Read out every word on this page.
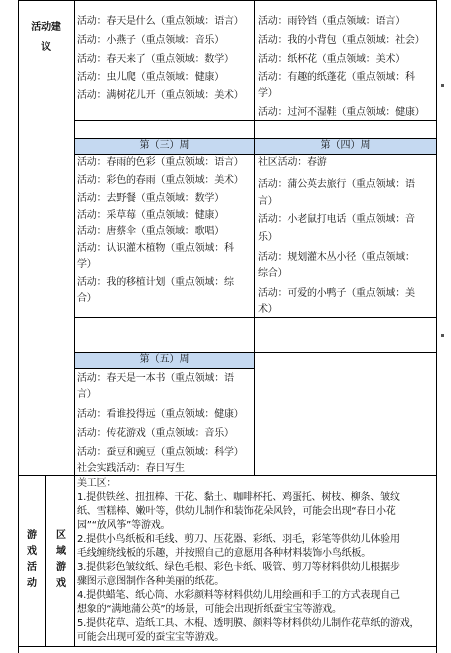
活动建议
游戏活动
区域游戏
第（三）周	第（四）周
第（五）周
活动：春天是什么（重点领域：语言）
活动：小燕子（重点领域：音乐）
活动：春天来了（重点领域：数学）
活动：虫儿爬（重点领域：健康）
活动：满树花儿开（重点领域：美术）
活动：雨铃铛（重点领域：语言）
活动：我的小背包（重点领域：社会）
活动：纸杯花（重点领域：美术）
活动：有趣的纸蓬花（重点领域：科
学）
活动：过河不湿鞋（重点领域：健康）
活动：春雨的色彩（重点领域：语言）
活动：彩色的春雨（重点领域：美术）
活动：去野餐（重点领域：数学）
活动：采草莓（重点领域：健康）
活动：唐蔡伞（重点领域：歌唱）
活动：认识灌木植物（重点领域：科
学）
活动：我的移植计划（重点领域：综
合）
社区活动：春游
活动：蒲公英去旅行（重点领域：语
言）
活动：小老鼠打电话（重点领域：音
乐）
活动：规划灌木丛小径（重点领域：
综合）
活动：可爱的小鸭子（重点领域：美
术）
活动：春天是一本书（重点领域：语
言）
活动：看谁投得远（重点领域：健康）
活动：传花游戏（重点领域：音乐）
活动：蚕豆和豌豆（重点领域：科学）
社会实践活动：春日写生
美工区：
1.提供铁丝、扭扭棒、干花、黏土、咖啡杯托、鸡蛋托、树枝、柳条、皱纹
纸、雪糕棒、嫩叶等，供幼儿制作和装饰花朵风铃，可能会出现“春日小花
园”“放风筝”等游戏。
2.提供小鸟纸板和毛线、剪刀、压花器、彩纸、羽毛，彩笔等供幼儿体验用
毛线缠绕线板的乐趣，并按照自己的意愿用各种材料装饰小鸟纸板。
3.提供彩色皱纹纸、绿色毛根、彩色卡纸、吸管、剪刀等材料供幼儿根据步
骤图示意图制作各种美丽的纸花。
4.提供蜡笔、纸心筒、水彩颜料等材料供幼儿用绘画和手工的方式表现自己
想象的“满地蒲公英”的场景，可能会出现折纸蚕宝宝等游戏。
5.提供花草、造纸工具、木棍、透明膜、颜料等材料供幼儿制作花草纸的游戏，
可能会出现可爱的蚕宝宝等游戏。
